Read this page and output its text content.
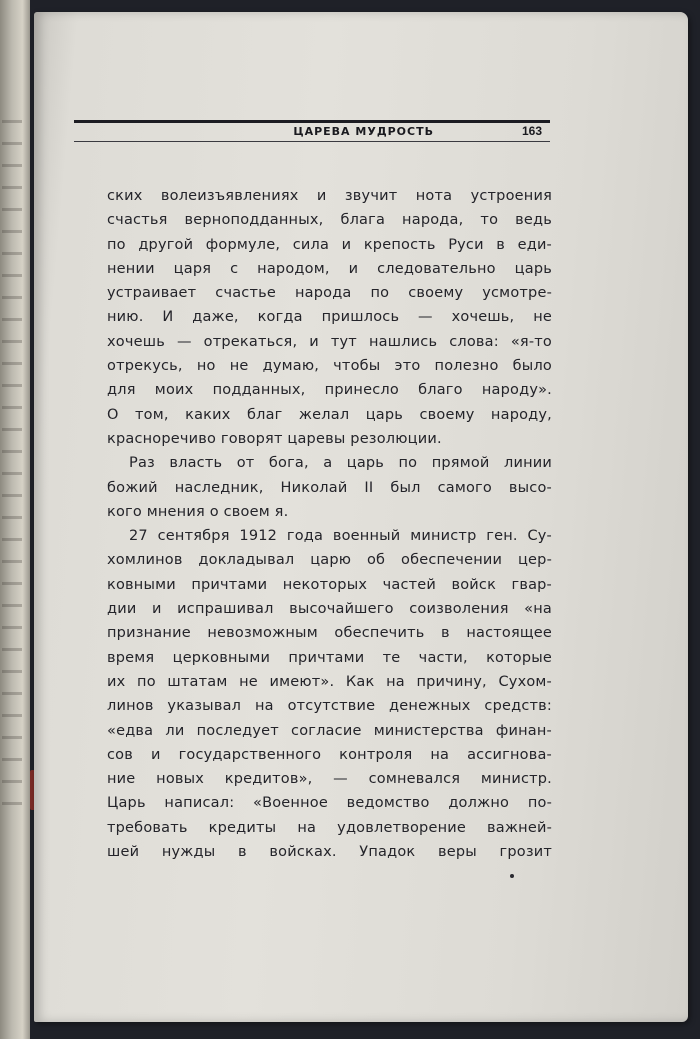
ЦАРЕВА МУДРОСТЬ	163
ских волеизъявлениях и звучит нота устроения
счастья верноподданных, блага народа, то ведь
по другой формуле, сила и крепость Руси в еди-
нении царя с народом, и следовательно царь
устраивает счастье народа по своему усмотре-
нию. И даже, когда пришлось — хочешь, не
хочешь — отрекаться, и тут нашлись слова: «я-то
отрекусь, но не думаю, чтобы это полезно было
для моих подданных, принесло благо народу».
О том, каких благ желал царь своему народу,
красноречиво говорят царевы резолюции.
Раз власть от бога, а царь по прямой линии
божий наследник, Николай II был самого высо-
кого мнения о своем я.
27 сентября 1912 года военный министр ген. Су-
хомлинов докладывал царю об обеспечении цер-
ковными причтами некоторых частей войск гвар-
дии и испрашивал высочайшего соизволения «на
признание невозможным обеспечить в настоящее
время церковными причтами те части, которые
их по штатам не имеют». Как на причину, Сухом-
линов указывал на отсутствие денежных средств:
«едва ли последует согласие министерства финан-
сов и государственного контроля на ассигнова-
ние новых кредитов», — сомневался министр.
Царь написал: «Военное ведомство должно по-
требовать кредиты на удовлетворение важней-
шей нужды в войсках. Упадок веры грозит
